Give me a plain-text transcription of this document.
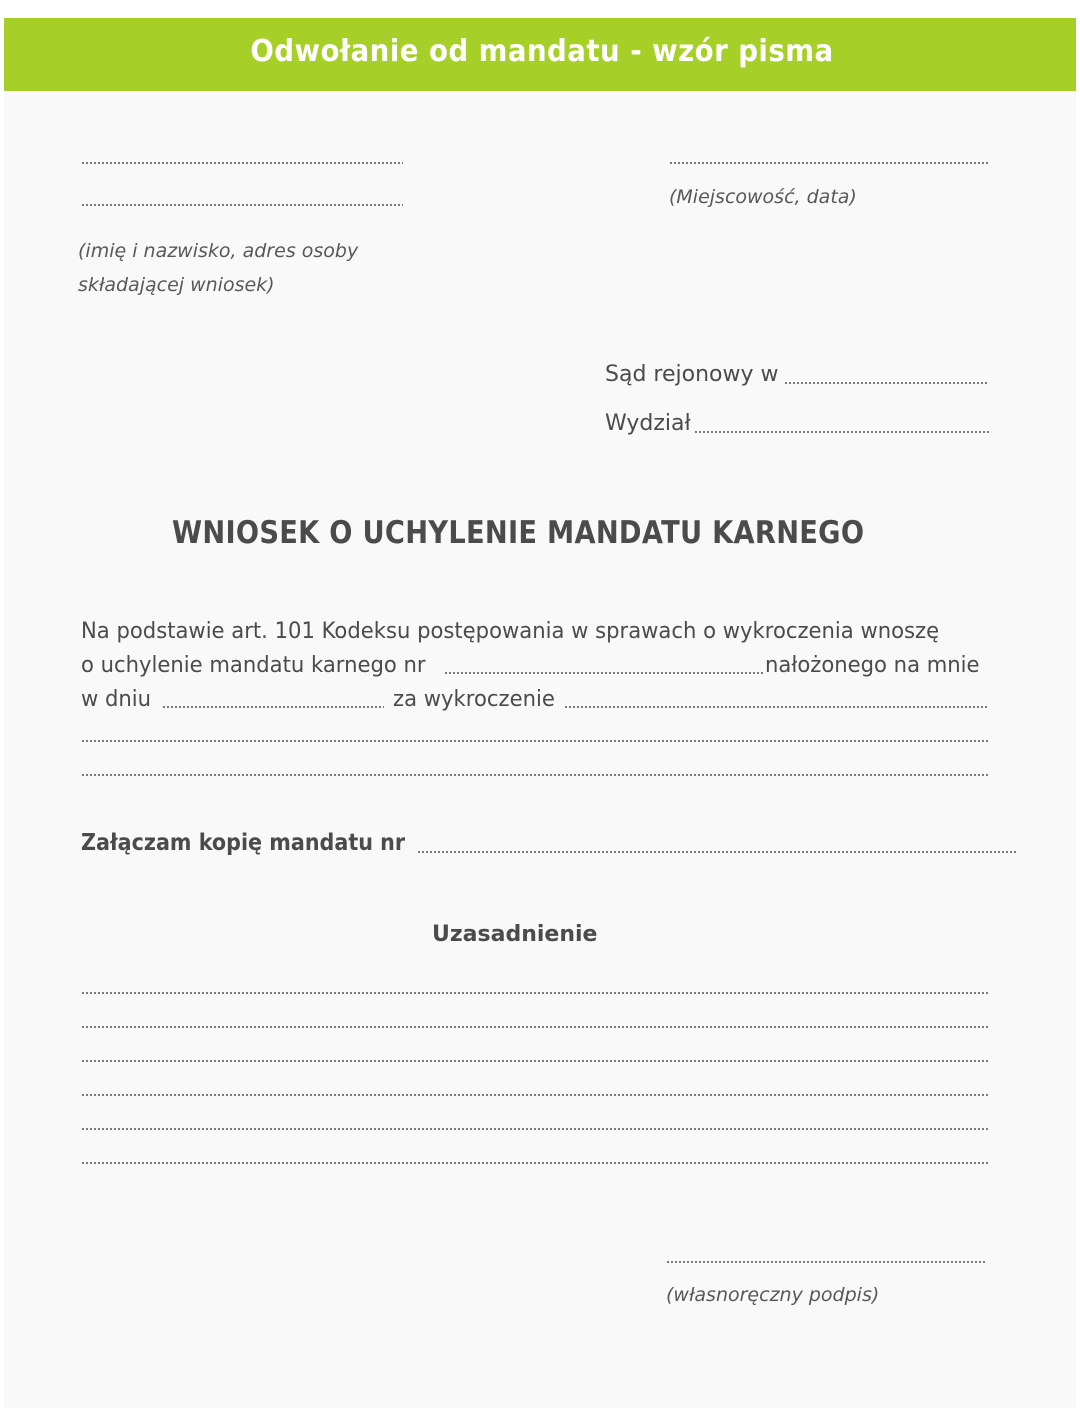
Odwołanie od mandatu - wzór pisma
(imię i nazwisko, adres osoby
składającej wniosek)
(Miejscowość, data)
Sąd rejonowy w
Wydział
WNIOSEK O UCHYLENIE MANDATU KARNEGO
Na podstawie art. 101 Kodeksu postępowania w sprawach o wykroczenia wnoszę
o uchylenie mandatu karnego nr	nałożonego na mnie
w dniu	za wykroczenie
Załączam kopię mandatu nr
Uzasadnienie
(własnoręczny podpis)
